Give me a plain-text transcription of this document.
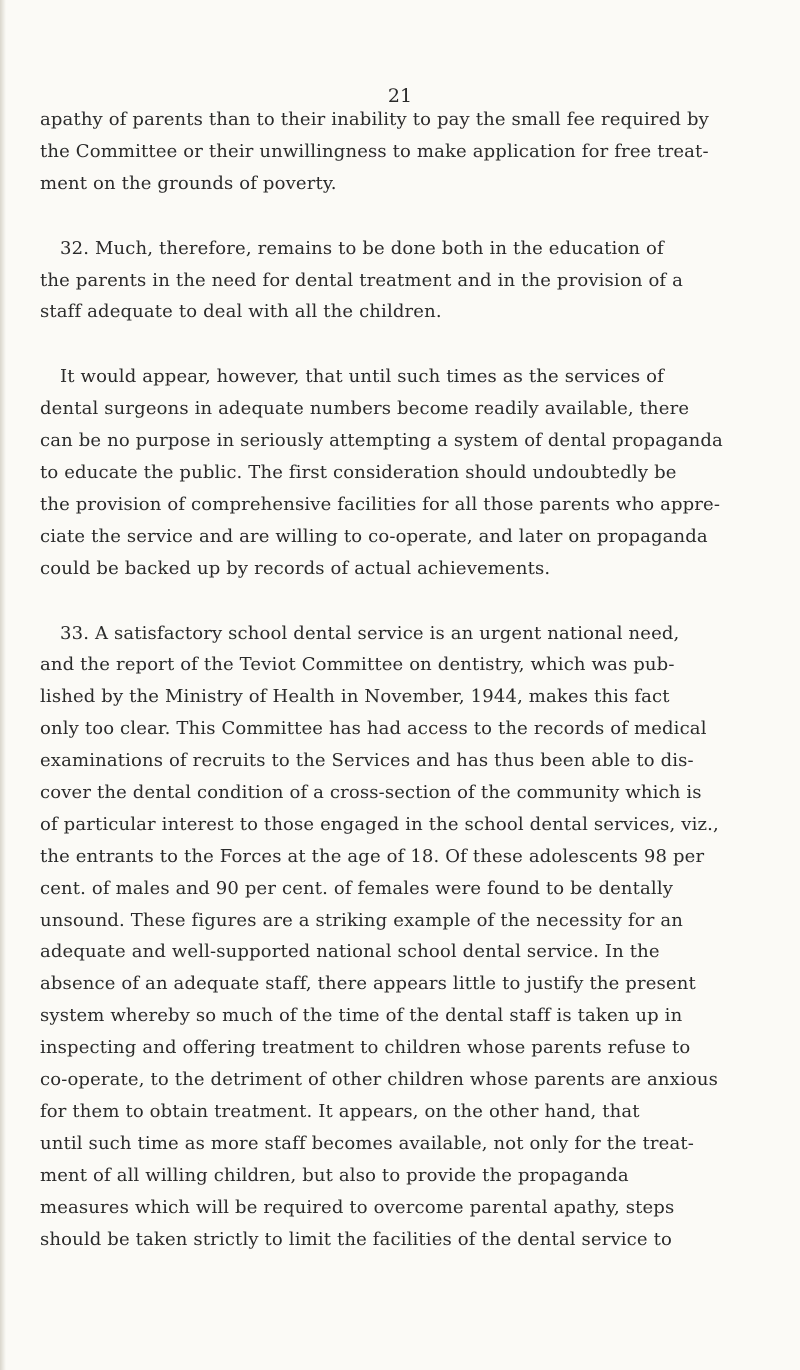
21
apathy of parents than to their inability to pay the small fee required by
the Committee or their unwillingness to make application for free treat-
ment on the grounds of poverty.
32. Much, therefore, remains to be done both in the education of
the parents in the need for dental treatment and in the provision of a
staff adequate to deal with all the children.
It would appear, however, that until such times as the services of
dental surgeons in adequate numbers become readily available, there
can be no purpose in seriously attempting a system of dental propaganda
to educate the public. The first consideration should undoubtedly be
the provision of comprehensive facilities for all those parents who appre-
ciate the service and are willing to co-operate, and later on propaganda
could be backed up by records of actual achievements.
33. A satisfactory school dental service is an urgent national need,
and the report of the Teviot Committee on dentistry, which was pub-
lished by the Ministry of Health in November, 1944, makes this fact
only too clear. This Committee has had access to the records of medical
examinations of recruits to the Services and has thus been able to dis-
cover the dental condition of a cross-section of the community which is
of particular interest to those engaged in the school dental services, viz.,
the entrants to the Forces at the age of 18. Of these adolescents 98 per
cent. of males and 90 per cent. of females were found to be dentally
unsound. These figures are a striking example of the necessity for an
adequate and well-supported national school dental service. In the
absence of an adequate staff, there appears little to justify the present
system whereby so much of the time of the dental staff is taken up in
inspecting and offering treatment to children whose parents refuse to
co-operate, to the detriment of other children whose parents are anxious
for them to obtain treatment. It appears, on the other hand, that
until such time as more staff becomes available, not only for the treat-
ment of all willing children, but also to provide the propaganda
measures which will be required to overcome parental apathy, steps
should be taken strictly to limit the facilities of the dental service to
